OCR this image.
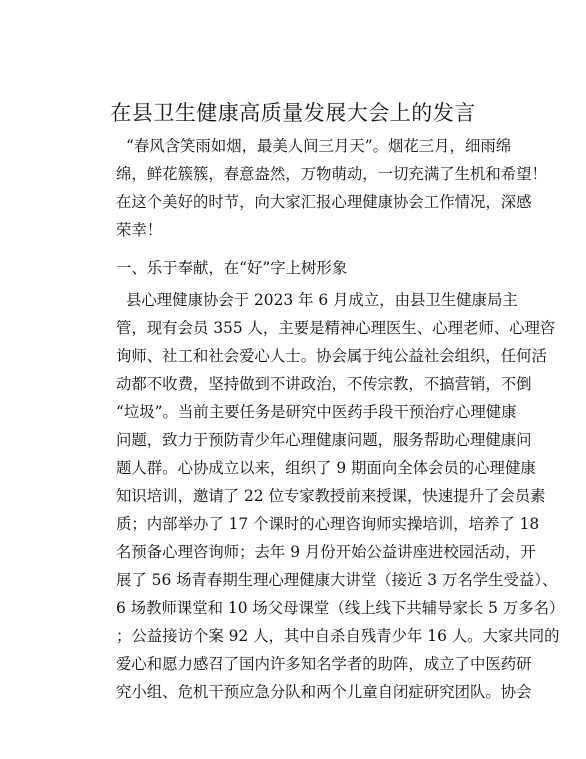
在县卫生健康高质量发展大会上的发言
“春风含笑雨如烟，最美人间三月天”。烟花三月，细雨绵
绵，鲜花簇簇，春意盎然，万物萌动，一切充满了生机和希望！
在这个美好的时节，向大家汇报心理健康协会工作情况，深感
荣幸！
一、乐于奉献，在“好”字上树形象
县心理健康协会于 2023 年 6 月成立，由县卫生健康局主
管，现有会员 355 人，主要是精神心理医生、心理老师、心理咨
询师、社工和社会爱心人士。协会属于纯公益社会组织，任何活
动都不收费，坚持做到不讲政治，不传宗教，不搞营销，不倒
“垃圾”。当前主要任务是研究中医药手段干预治疗心理健康
问题，致力于预防青少年心理健康问题，服务帮助心理健康问
题人群。心协成立以来，组织了 9 期面向全体会员的心理健康
知识培训，邀请了 22 位专家教授前来授课，快速提升了会员素
质；内部举办了 17 个课时的心理咨询师实操培训，培养了 18
名预备心理咨询师；去年 9 月份开始公益讲座进校园活动，开
展了 56 场青春期生理心理健康大讲堂（接近 3 万名学生受益）、
6 场教师课堂和 10 场父母课堂（线上线下共辅导家长 5 万多名）
；公益接访个案 92 人，其中自杀自残青少年 16 人。大家共同的
爱心和愿力感召了国内许多知名学者的助阵，成立了中医药研
究小组、危机干预应急分队和两个儿童自闭症研究团队。协会
